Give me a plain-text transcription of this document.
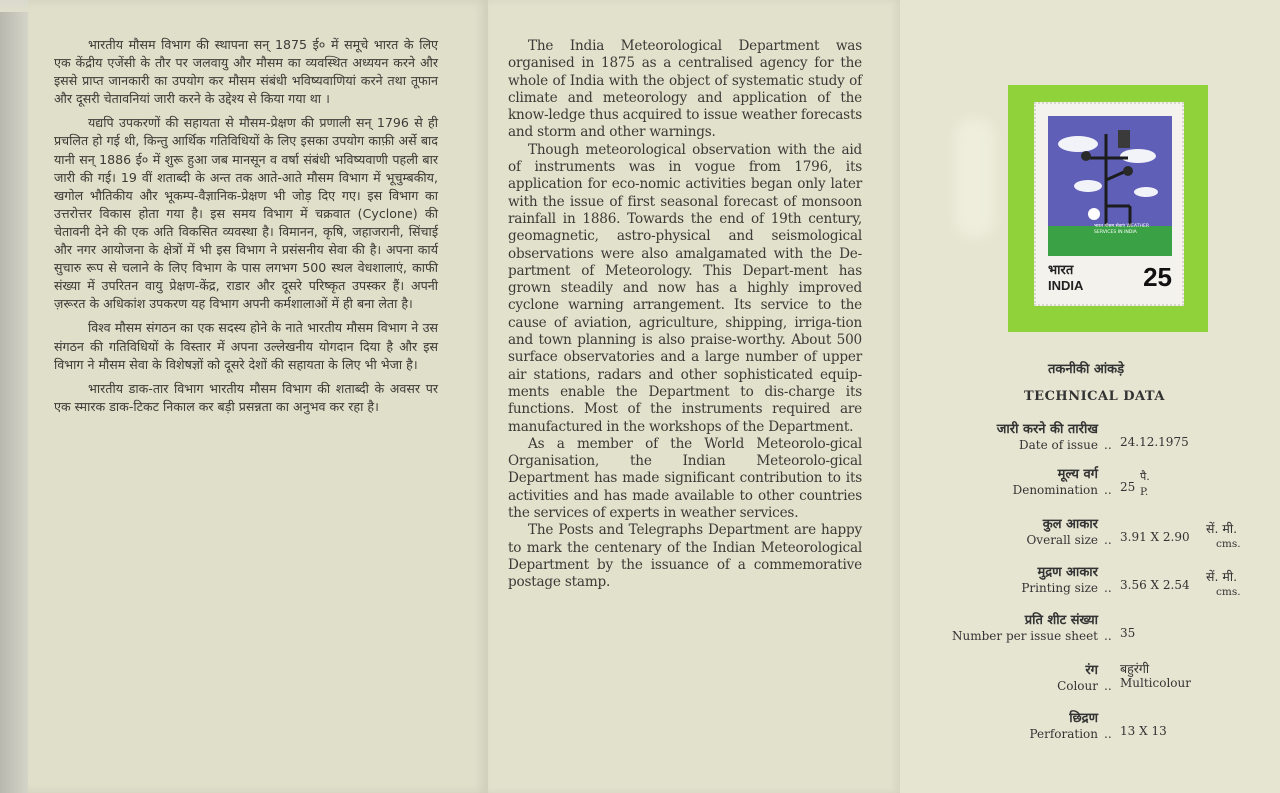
भारतीय मौसम विभाग की स्थापना सन् 1875 ई० में समूचे भारत के लिए एक केंद्रीय एजेंसी के तौर पर जलवायु और मौसम का व्यवस्थित अध्ययन करने और इससे प्राप्त जानकारी का उपयोग कर मौसम संबंधी भविष्यवाणियां करने तथा तूफान और दूसरी चेतावनियां जारी करने के उद्देश्य से किया गया था ।

यद्यपि उपकरणों की सहायता से मौसम-प्रेक्षण की प्रणाली सन् 1796 से ही प्रचलित हो गई थी, किन्तु आर्थिक गतिविधियों के लिए इसका उपयोग काफ़ी अर्से बाद यानी सन् 1886 ई० में शुरू हुआ जब मानसून व वर्षा संबंधी भविष्यवाणी पहली बार जारी की गई। 19 वीं शताब्दी के अन्त तक आते-आते मौसम विभाग में भूचुम्बकीय, खगोल भौतिकीय और भूकम्प-वैज्ञानिक-प्रेक्षण भी जोड़ दिए गए। इस विभाग का उत्तरोत्तर विकास होता गया है। इस समय विभाग में चक्रवात (Cyclone) की चेतावनी देने की एक अति विकसित व्यवस्था है। विमानन, कृषि, जहाजरानी, सिंचाई और नगर आयोजना के क्षेत्रों में भी इस विभाग ने प्रसंसनीय सेवा की है। अपना कार्य सुचारु रूप से चलाने के लिए विभाग के पास लगभग 500 स्थल वेधशालाएं, काफी संख्या में उपरितन वायु प्रेक्षण-केंद्र, राडार और दूसरे परिष्कृत उपस्कर हैं। अपनी ज़रूरत के अधिकांश उपकरण यह विभाग अपनी कर्मशालाओं में ही बना लेता है।

विश्व मौसम संगठन का एक सदस्य होने के नाते भारतीय मौसम विभाग ने उस संगठन की गतिविधियों के विस्तार में अपना उल्लेखनीय योगदान दिया है और इस विभाग ने मौसम सेवा के विशेषज्ञों को दूसरे देशों की सहायता के लिए भी भेजा है।

भारतीय डाक-तार विभाग भारतीय मौसम विभाग की शताब्दी के अवसर पर एक स्मारक डाक-टिकट निकाल कर बड़ी प्रसन्नता का अनुभव कर रहा है।

The India Meteorological Department was organised in 1875 as a centralised agency for the whole of India with the object of systematic study of climate and meteorology and application of the know-ledge thus acquired to issue weather forecasts and storm and other warnings.

Though meteorological observation with the aid of instruments was in vogue from 1796, its application for eco-nomic activities began only later with the issue of first seasonal forecast of monsoon rainfall in 1886. Towards the end of 19th century, geomagnetic, astro-physical and seismological observations were also amalgamated with the De-partment of Meteorology. This Depart-ment has grown steadily and now has a highly improved cyclone warning arrangement. Its service to the cause of aviation, agriculture, shipping, irriga-tion and town planning is also praise-worthy. About 500 surface observatories and a large number of upper air stations, radars and other sophisticated equip-ments enable the Department to dis-charge its functions. Most of the instruments required are manufactured in the workshops of the Department.

As a member of the World Meteorolo-gical Organisation, the Indian Meteorolo-gical Department has made significant contribution to its activities and has made available to other countries the services of experts in weather services.

The Posts and Telegraphs Department are happy to mark the centenary of the Indian Meteorological Department by the issuance of a commemorative postage stamp.

भारत मौसम सेवाएं WEATHER SERVICES IN INDIA
भारत
INDIA 25
तकनीकी आंकड़े
TECHNICAL DATA
जारी करने की तारीख
Date of issue .. 24.12.1975
मूल्य वर्ग
Denomination .. 25
पै.
P.
कुल आकार
Overall size .. 3.91 X 2.90
सें. मी.
cms.
मुद्रण आकार
Printing size .. 3.56 X 2.54
सें. मी.
cms.
प्रति शीट संख्या
Number per issue sheet .. 35
रंग
Colour ..
बहुरंगी
Multicolour
छिद्रण
Perforation .. 13 X 13
